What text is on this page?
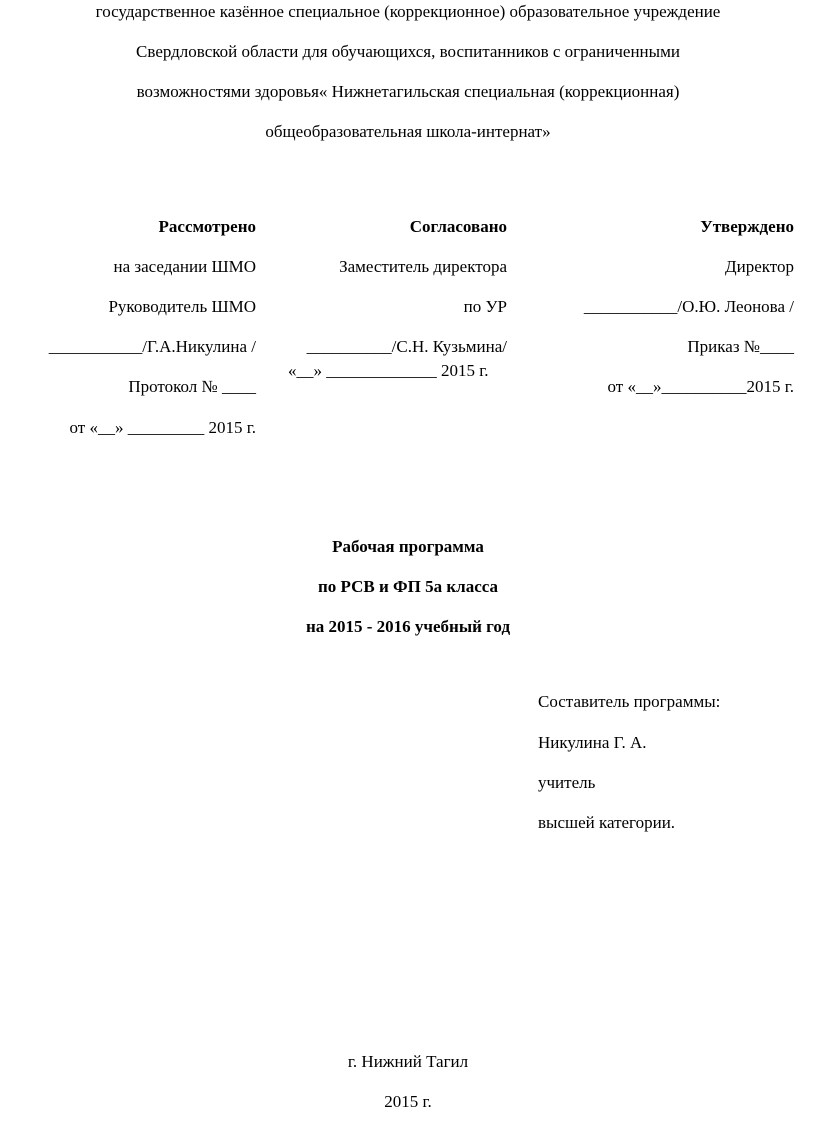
государственное казённое специальное (коррекционное) образовательное учреждение
Свердловской области для обучающихся, воспитанников с ограниченными
возможностями здоровья« Нижнетагильская специальная (коррекционная)
общеобразовательная школа-интернат»
Рассмотрено
на заседании ШМО
Руководитель ШМО
___________/Г.А.Никулина /
Протокол № ____
от «__» _________ 2015 г.
Согласовано
Заместитель директора
по УР
__________/С.Н. Кузьмина/
«__» _____________ 2015 г.
Утверждено
Директор
___________/О.Ю. Леонова /
Приказ №____
от «__»__________2015 г.
Рабочая программа
по РСВ и ФП 5а класса
на 2015 - 2016 учебный год
Составитель программы:
Никулина Г. А.
учитель
высшей категории.
г. Нижний Тагил
2015 г.
